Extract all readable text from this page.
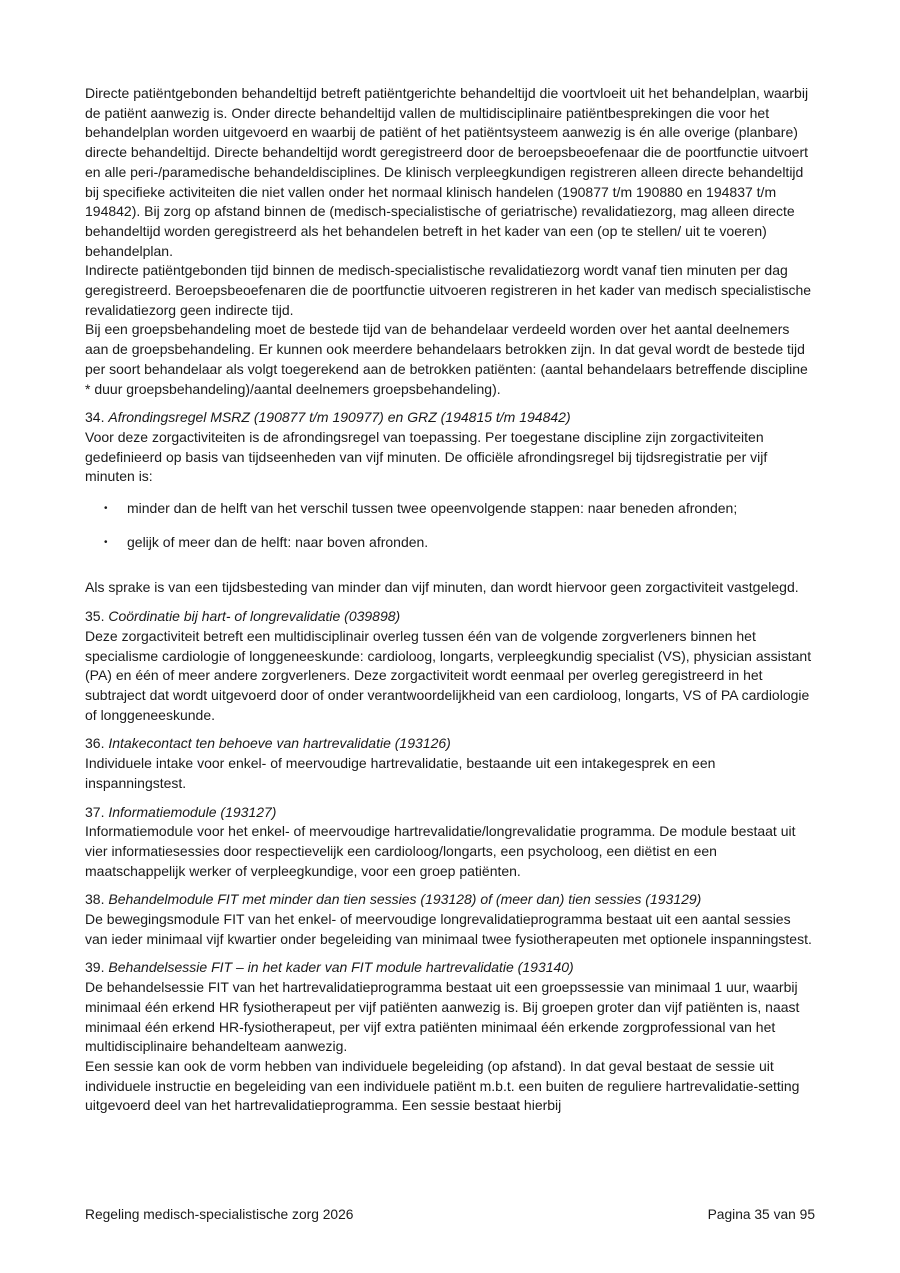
Directe patiëntgebonden behandeltijd betreft patiëntgerichte behandeltijd die voortvloeit uit het behandelplan, waarbij de patiënt aanwezig is. Onder directe behandeltijd vallen de multidisciplinaire patiëntbesprekingen die voor het behandelplan worden uitgevoerd en waarbij de patiënt of het patiëntsysteem aanwezig is én alle overige (planbare) directe behandeltijd. Directe behandeltijd wordt geregistreerd door de beroepsbeoefenaar die de poortfunctie uitvoert en alle peri-/paramedische behandeldisciplines. De klinisch verpleegkundigen registreren alleen directe behandeltijd bij specifieke activiteiten die niet vallen onder het normaal klinisch handelen (190877 t/m 190880 en 194837 t/m 194842). Bij zorg op afstand binnen de (medisch-specialistische of geriatrische) revalidatiezorg, mag alleen directe behandeltijd worden geregistreerd als het behandelen betreft in het kader van een (op te stellen/ uit te voeren) behandelplan.

Indirecte patiëntgebonden tijd binnen de medisch-specialistische revalidatiezorg wordt vanaf tien minuten per dag geregistreerd. Beroepsbeoefenaren die de poortfunctie uitvoeren registreren in het kader van medisch specialistische revalidatiezorg geen indirecte tijd.

Bij een groepsbehandeling moet de bestede tijd van de behandelaar verdeeld worden over het aantal deelnemers aan de groepsbehandeling. Er kunnen ook meerdere behandelaars betrokken zijn. In dat geval wordt de bestede tijd per soort behandelaar als volgt toegerekend aan de betrokken patiënten: (aantal behandelaars betreffende discipline * duur groepsbehandeling)/aantal deelnemers groepsbehandeling).

34. Afrondingsregel MSRZ (190877 t/m 190977) en GRZ (194815 t/m 194842)

Voor deze zorgactiviteiten is de afrondingsregel van toepassing. Per toegestane discipline zijn zorgactiviteiten gedefinieerd op basis van tijdseenheden van vijf minuten. De officiële afrondingsregel bij tijdsregistratie per vijf minuten is:

• minder dan de helft van het verschil tussen twee opeenvolgende stappen: naar beneden afronden;
• gelijk of meer dan de helft: naar boven afronden.

Als sprake is van een tijdsbesteding van minder dan vijf minuten, dan wordt hiervoor geen zorgactiviteit vastgelegd.

35. Coördinatie bij hart- of longrevalidatie (039898)

Deze zorgactiviteit betreft een multidisciplinair overleg tussen één van de volgende zorgverleners binnen het specialisme cardiologie of longgeneeskunde: cardioloog, longarts, verpleegkundig specialist (VS), physician assistant (PA) en één of meer andere zorgverleners. Deze zorgactiviteit wordt eenmaal per overleg geregistreerd in het subtraject dat wordt uitgevoerd door of onder verantwoordelijkheid van een cardioloog, longarts, VS of PA cardiologie of longgeneeskunde.

36. Intakecontact ten behoeve van hartrevalidatie (193126)

Individuele intake voor enkel- of meervoudige hartrevalidatie, bestaande uit een intakegesprek en een inspanningstest.

37. Informatiemodule (193127)

Informatiemodule voor het enkel- of meervoudige hartrevalidatie/longrevalidatie programma. De module bestaat uit vier informatiesessies door respectievelijk een cardioloog/longarts, een psycholoog, een diëtist en een maatschappelijk werker of verpleegkundige, voor een groep patiënten.

38. Behandelmodule FIT met minder dan tien sessies (193128) of (meer dan) tien sessies (193129)

De bewegingsmodule FIT van het enkel- of meervoudige longrevalidatieprogramma bestaat uit een aantal sessies van ieder minimaal vijf kwartier onder begeleiding van minimaal twee fysiotherapeuten met optionele inspanningstest.

39. Behandelsessie FIT – in het kader van FIT module hartrevalidatie (193140)

De behandelsessie FIT van het hartrevalidatieprogramma bestaat uit een groepssessie van minimaal 1 uur, waarbij minimaal één erkend HR fysiotherapeut per vijf patiënten aanwezig is. Bij groepen groter dan vijf patiënten is, naast minimaal één erkend HR-fysiotherapeut, per vijf extra patiënten minimaal één erkende zorgprofessional van het multidisciplinaire behandelteam aanwezig.

Een sessie kan ook de vorm hebben van individuele begeleiding (op afstand). In dat geval bestaat de sessie uit individuele instructie en begeleiding van een individuele patiënt m.b.t. een buiten de reguliere hartrevalidatie-setting uitgevoerd deel van het hartrevalidatieprogramma. Een sessie bestaat hierbij

Regeling medisch-specialistische zorg 2026	Pagina 35 van 95
